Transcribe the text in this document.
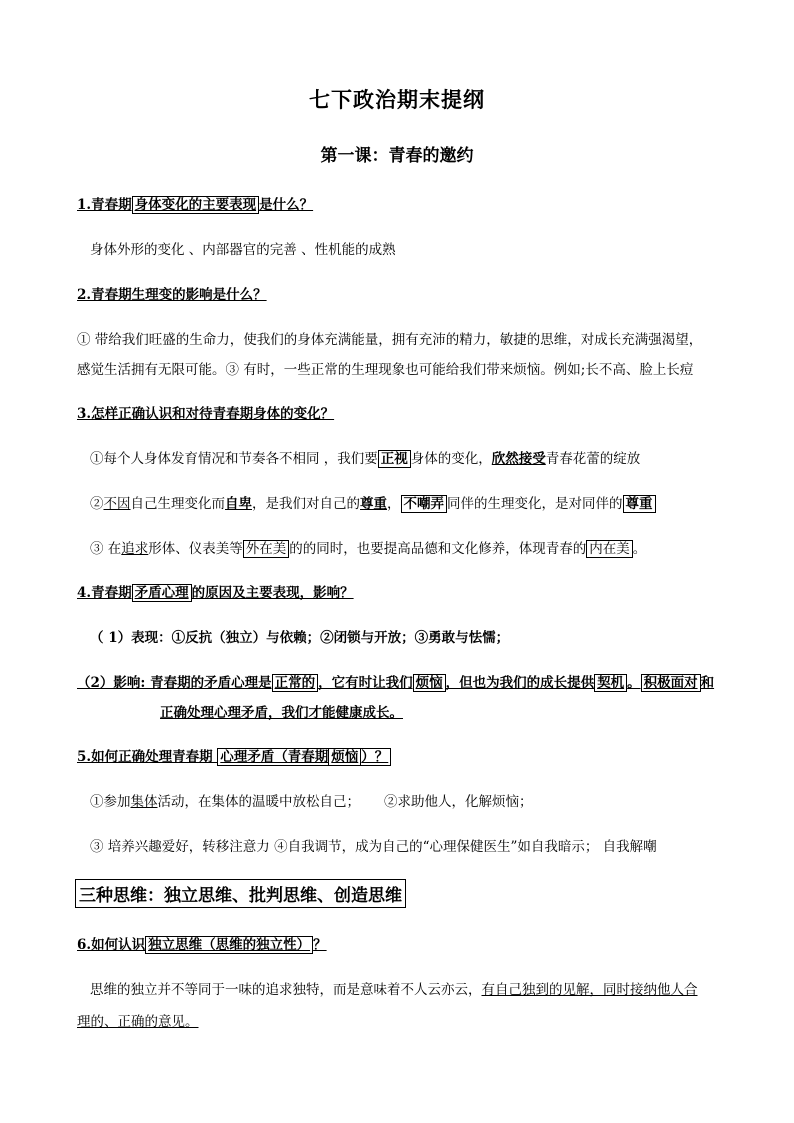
七下政治期末提纲
第一课：青春的邀约
1.青春期 身体变化的主要表现 是什么？
身体外形的变化 、内部器官的完善 、性机能的成熟
2.青春期生理变的影响是什么？
① 带给我们旺盛的生命力，使我们的身体充满能量，拥有充沛的精力，敏捷的思维，对成长充满强渴望，
感觉生活拥有无限可能。③ 有时，一些正常的生理现象也可能给我们带来烦恼。例如;长不高、脸上长痘
3.怎样正确认识和对待青春期身体的变化？
①每个人身体发育情况和节奏各不相同 ，我们要 正视 身体的变化，欣然接受青春花蕾的绽放
②不因自己生理变化而自卑，是我们对自己的尊重， 不嘲弄 同伴的生理变化，是对同伴的 尊重
③ 在追求形体、仪表美等 外在美 的的同时，也要提高品德和文化修养，体现青春的 内在美 。
4.青春期 矛盾心理 的原因及主要表现，影响？
（ 1）表现：①反抗（独立）与依赖；②闭锁与开放；③勇敢与怯懦；
（2）影响: 青春期的矛盾心理是 正常的 ，它有时让我们 烦恼 ，但也为我们的成长提供 契机 。 积极面对 和
正确处理心理矛盾，我们才能健康成长。
5.如何正确处理青春期 心理矛盾（青春期 烦恼 ）？
①参加集体活动，在集体的温暖中放松自己； ②求助他人，化解烦恼；
③ 培养兴趣爱好，转移注意力 ④自我调节，成为自己的“心理保健医生”如自我暗示； 自我解嘲
三种思维：独立思维、批判思维、创造思维
6.如何认识 独立思维（思维的独立性） ？
思维的独立并不等同于一味的追求独特，而是意味着不人云亦云，有自己独到的见解，同时接纳他人合
理的、正确的意见。
